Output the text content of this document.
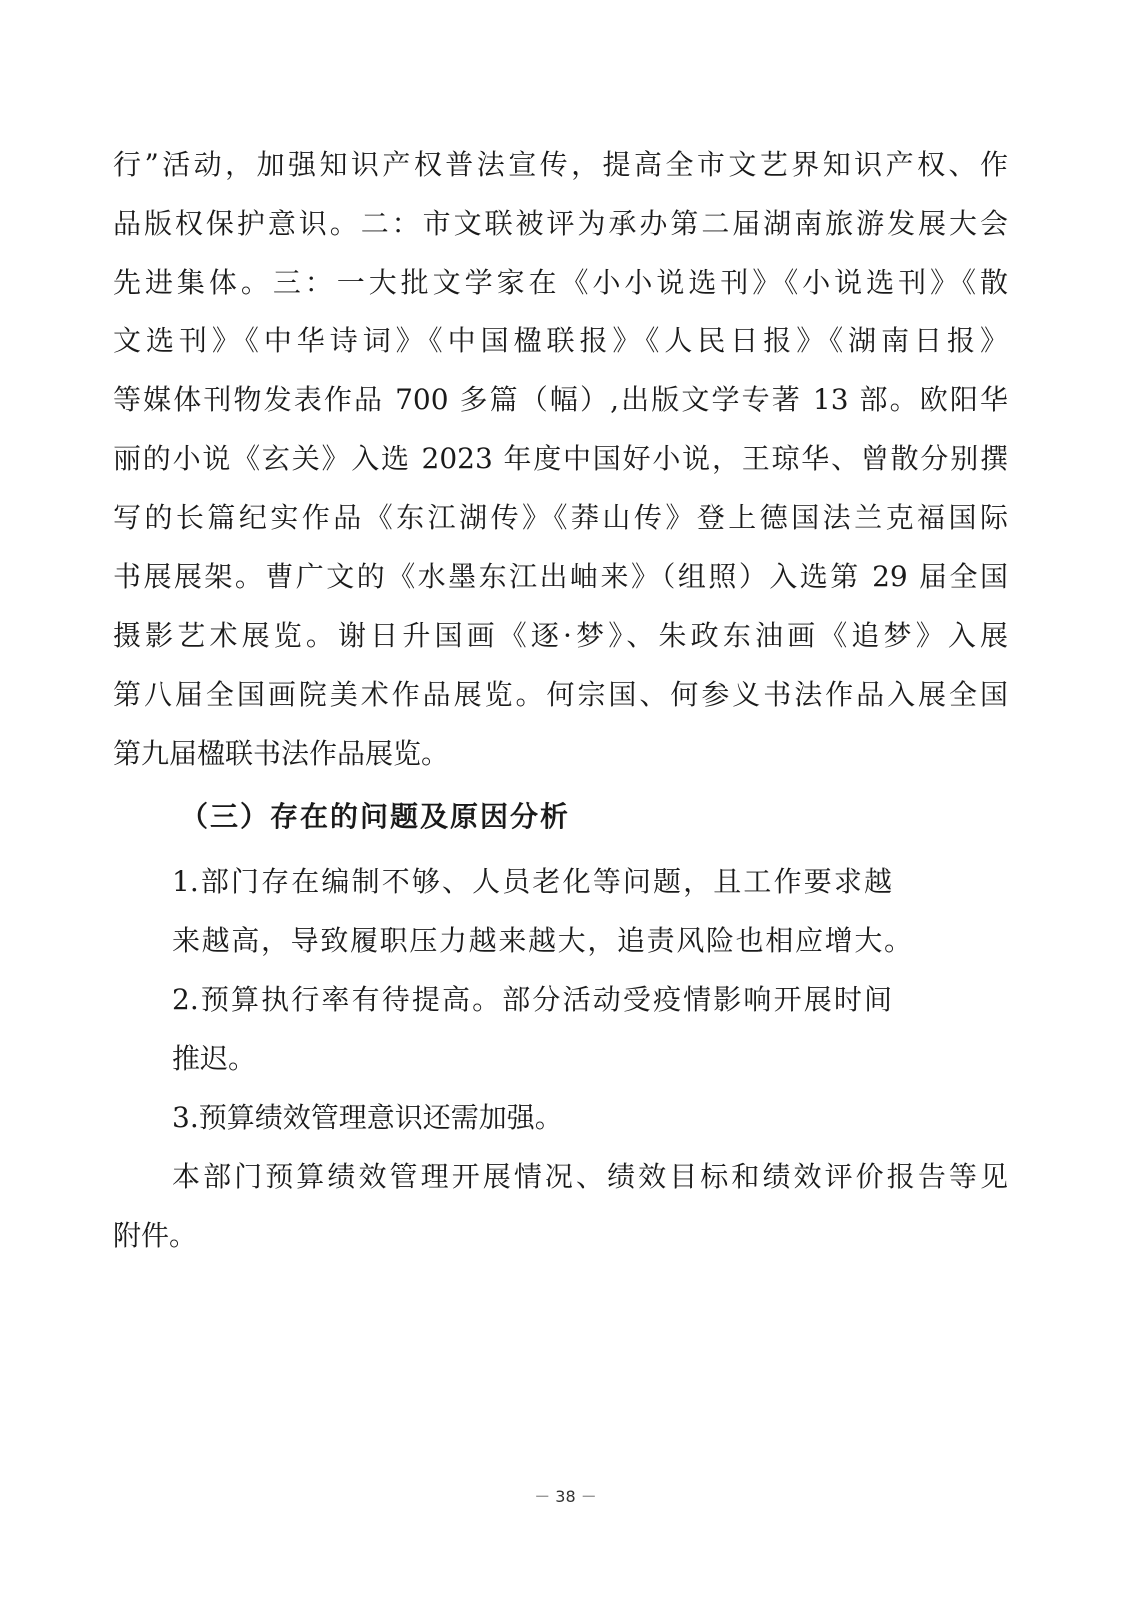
行”活动，加强知识产权普法宣传，提高全市文艺界知识产权、作
品版权保护意识。二：市文联被评为承办第二届湖南旅游发展大会
先进集体。三：一大批文学家在《小小说选刊》《小说选刊》《散
文选刊》《中华诗词》《中国楹联报》《人民日报》《湖南日报》
等媒体刊物发表作品 700 多篇（幅）,出版文学专著 13 部。欧阳华
丽的小说《玄关》入选 2023 年度中国好小说，王琼华、曾散分别撰
写的长篇纪实作品《东江湖传》《莽山传》登上德国法兰克福国际
书展展架。曹广文的《水墨东江出岫来》（组照）入选第 29 届全国
摄影艺术展览。谢日升国画《逐·梦》、朱政东油画《追梦》入展
第八届全国画院美术作品展览。何宗国、何参义书法作品入展全国
第九届楹联书法作品展览。
（三）存在的问题及原因分析
1.部门存在编制不够、人员老化等问题，且工作要求越
来越高，导致履职压力越来越大，追责风险也相应增大。
2.预算执行率有待提高。部分活动受疫情影响开展时间
推迟。
3.预算绩效管理意识还需加强。
本部门预算绩效管理开展情况、绩效目标和绩效评价报告等见
附件。
－ 38 －
